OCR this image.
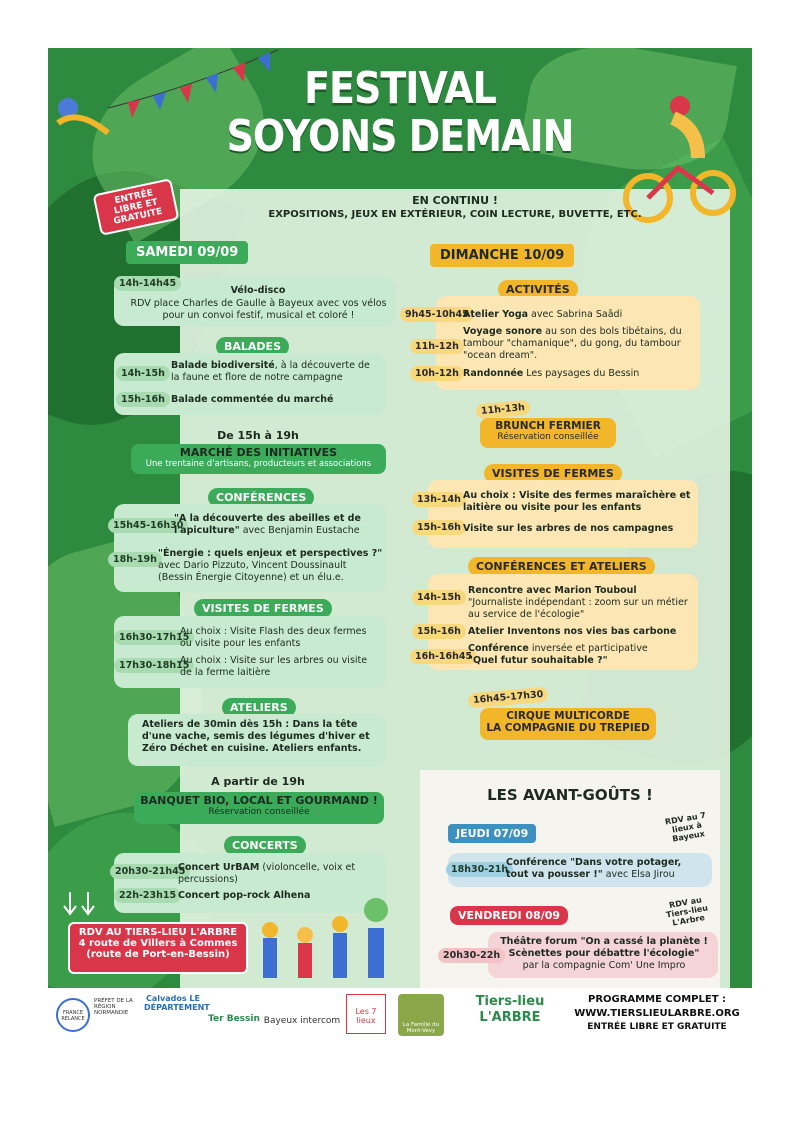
FESTIVAL
SOYONS DEMAIN
ENTRÉE LIBRE ET GRATUITE
EN CONTINU !
EXPOSITIONS, JEUX EN EXTÉRIEUR, COIN LECTURE, BUVETTE, ETC.
SAMEDI 09/09
14h-14h45
Vélo-disco
RDV place Charles de Gaulle à Bayeux avec vos vélos pour un convoi festif, musical et coloré !
BALADES
14h-15h
Balade biodiversité, à la découverte de la faune et flore de notre campagne
15h-16h Balade commentée du marché
De 15h à 19h
MARCHÉ DES INITIATIVES
Une trentaine d'artisans, producteurs et associations
CONFÉRENCES
15h45-16h30
"A la découverte des abeilles et de l'apiculture" avec Benjamin Eustache
18h-19h
"Énergie : quels enjeux et perspectives ?" avec Dario Pizzuto, Vincent Doussinault (Bessin Énergie Citoyenne) et un élu.e.
VISITES DE FERMES
16h30-17h15
Au choix : Visite Flash des deux fermes ou visite pour les enfants
17h30-18h15
Au choix : Visite sur les arbres ou visite de la ferme laitière
ATELIERS
Ateliers de 30min dès 15h : Dans la tête d'une vache, semis des légumes d'hiver et Zéro Déchet en cuisine. Ateliers enfants.
A partir de 19h
BANQUET BIO, LOCAL ET GOURMAND !
Réservation conseillée
CONCERTS
20h30-21h45
Concert UrBAM (violoncelle, voix et percussions)
22h-23h15 Concert pop-rock Alhena
RDV AU TIERS-LIEU L'ARBRE
4 route de Villers à Commes
(route de Port-en-Bessin)
DIMANCHE 10/09
ACTIVITÉS
9h45-10h45
Atelier Yoga avec Sabrina Saâdi
11h-12h
Voyage sonore au son des bols tibétains, du tambour "chamanique", du gong, du tambour "ocean dream".
10h-12h Randonnée Les paysages du Bessin
11h-13h
BRUNCH FERMIER
Réservation conseillée
VISITES DE FERMES
13h-14h Au choix : Visite des fermes maraîchère et laitière ou visite pour les enfants
15h-16h Visite sur les arbres de nos campagnes
CONFÉRENCES ET ATELIERS
14h-15h
Rencontre avec Marion Touboul
"Journaliste indépendant : zoom sur un métier au service de l'écologie"
15h-16h Atelier Inventons nos vies bas carbone
16h-16h45
Conférence inversée et participative
"Quel futur souhaitable ?"
16h45-17h30
CIRQUE MULTICORDE
LA COMPAGNIE DU TREPIED
LES AVANT-GOÛTS !
JEUDI 07/09
RDV au 7 lieux à Bayeux
18h30-21h
Conférence "Dans votre potager, tout va pousser !" avec Elsa Jirou
VENDREDI 08/09
RDV au Tiers-lieu L'Arbre
20h30-22h
Théâtre forum "On a cassé la planète ! Scènettes pour débattre l'écologie"
par la compagnie Com' Une Impro
FRANCE RELANCE
PRÉFET DE LA RÉGION NORMANDIE
Calvados LE DÉPARTEMENT
Ter Bessin Bayeux intercom
Les 7 lieux	La Famille du Mont-Vevy
Tiers-lieu L'ARBRE
PROGRAMME COMPLET :
WWW.TIERSLIEULARBRE.ORG
ENTRÉE LIBRE ET GRATUITE
